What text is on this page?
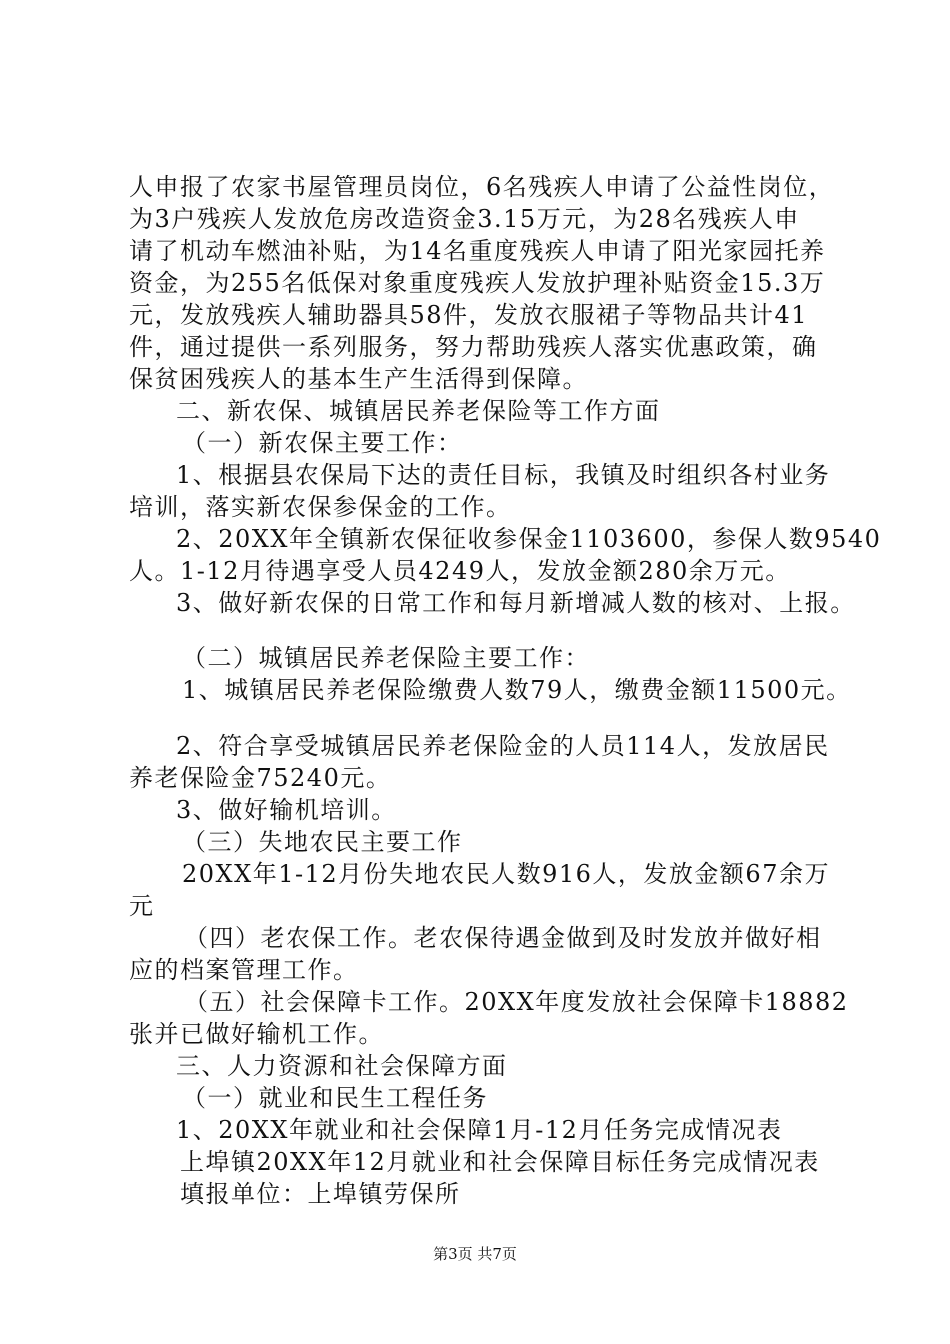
人申报了农家书屋管理员岗位，6名残疾人申请了公益性岗位，
为3户残疾人发放危房改造资金3.15万元，为28名残疾人申
请了机动车燃油补贴，为14名重度残疾人申请了阳光家园托养
资金，为255名低保对象重度残疾人发放护理补贴资金15.3万
元，发放残疾人辅助器具58件，发放衣服裙子等物品共计41
件，通过提供一系列服务，努力帮助残疾人落实优惠政策，确
保贫困残疾人的基本生产生活得到保障。
二、新农保、城镇居民养老保险等工作方面
（一）新农保主要工作：
1、根据县农保局下达的责任目标，我镇及时组织各村业务
培训，落实新农保参保金的工作。
2、20XX年全镇新农保征收参保金1103600，参保人数9540
人。1-12月待遇享受人员4249人，发放金额280余万元。
3、做好新农保的日常工作和每月新增减人数的核对、上报。
（二）城镇居民养老保险主要工作：
1、城镇居民养老保险缴费人数79人，缴费金额11500元。
2、符合享受城镇居民养老保险金的人员114人，发放居民
养老保险金75240元。
3、做好输机培训。
（三）失地农民主要工作
20XX年1-12月份失地农民人数916人，发放金额67余万
元
（四）老农保工作。老农保待遇金做到及时发放并做好相
应的档案管理工作。
（五）社会保障卡工作。20XX年度发放社会保障卡18882
张并已做好输机工作。
三、人力资源和社会保障方面
（一）就业和民生工程任务
1、20XX年就业和社会保障1月-12月任务完成情况表
上埠镇20XX年12月就业和社会保障目标任务完成情况表
填报单位：上埠镇劳保所
第3页 共7页
